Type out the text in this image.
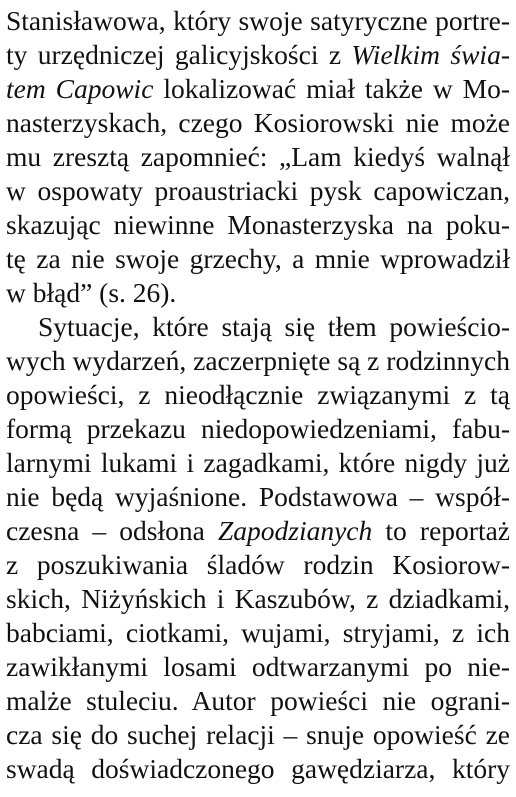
Stanisławowa, który swoje satyryczne portre-
ty urzędniczej galicyjskości z Wielkim świa-
tem Capowic lokalizować miał także w Mo-
nasterzyskach, czego Kosiorowski nie może
mu zresztą zapomnieć: „Lam kiedyś walnął
w ospowaty proaustriacki pysk capowiczan,
skazując niewinne Monasterzyska na poku-
tę za nie swoje grzechy, a mnie wprowadził
w błąd” (s. 26).
Sytuacje, które stają się tłem powieścio-
wych wydarzeń, zaczerpnięte są z rodzinnych
opowieści, z nieodłącznie związanymi z tą
formą przekazu niedopowiedzeniami, fabu-
larnymi lukami i zagadkami, które nigdy już
nie będą wyjaśnione. Podstawowa – współ-
czesna – odsłona Zapodzianych to reportaż
z poszukiwania śladów rodzin Kosiorow-
skich, Niżyńskich i Kaszubów, z dziadkami,
babciami, ciotkami, wujami, stryjami, z ich
zawikłanymi losami odtwarzanymi po nie-
malże stuleciu. Autor powieści nie ograni-
cza się do suchej relacji – snuje opowieść ze
swadą doświadczonego gawędziarza, który
